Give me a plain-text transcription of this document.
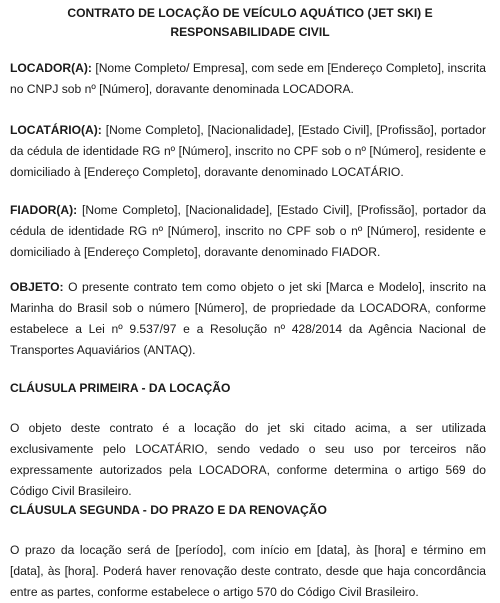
CONTRATO DE LOCAÇÃO DE VEÍCULO AQUÁTICO (JET SKI) E RESPONSABILIDADE CIVIL

LOCADOR(A): [Nome Completo/ Empresa], com sede em [Endereço Completo], inscrita no CNPJ sob nº [Número], doravante denominada LOCADORA.

LOCATÁRIO(A): [Nome Completo], [Nacionalidade], [Estado Civil], [Profissão], portador da cédula de identidade RG nº [Número], inscrito no CPF sob o nº [Número], residente e domiciliado à [Endereço Completo], doravante denominado LOCATÁRIO.

FIADOR(A): [Nome Completo], [Nacionalidade], [Estado Civil], [Profissão], portador da cédula de identidade RG nº [Número], inscrito no CPF sob o nº [Número], residente e domiciliado à [Endereço Completo], doravante denominado FIADOR.

OBJETO: O presente contrato tem como objeto o jet ski [Marca e Modelo], inscrito na Marinha do Brasil sob o número [Número], de propriedade da LOCADORA, conforme estabelece a Lei nº 9.537/97 e a Resolução nº 428/2014 da Agência Nacional de Transportes Aquaviários (ANTAQ).

CLÁUSULA PRIMEIRA - DA LOCAÇÃO

O objeto deste contrato é a locação do jet ski citado acima, a ser utilizada exclusivamente pelo LOCATÁRIO, sendo vedado o seu uso por terceiros não expressamente autorizados pela LOCADORA, conforme determina o artigo 569 do Código Civil Brasileiro.

CLÁUSULA SEGUNDA - DO PRAZO E DA RENOVAÇÃO

O prazo da locação será de [período], com início em [data], às [hora] e término em [data], às [hora]. Poderá haver renovação deste contrato, desde que haja concordância entre as partes, conforme estabelece o artigo 570 do Código Civil Brasileiro.
